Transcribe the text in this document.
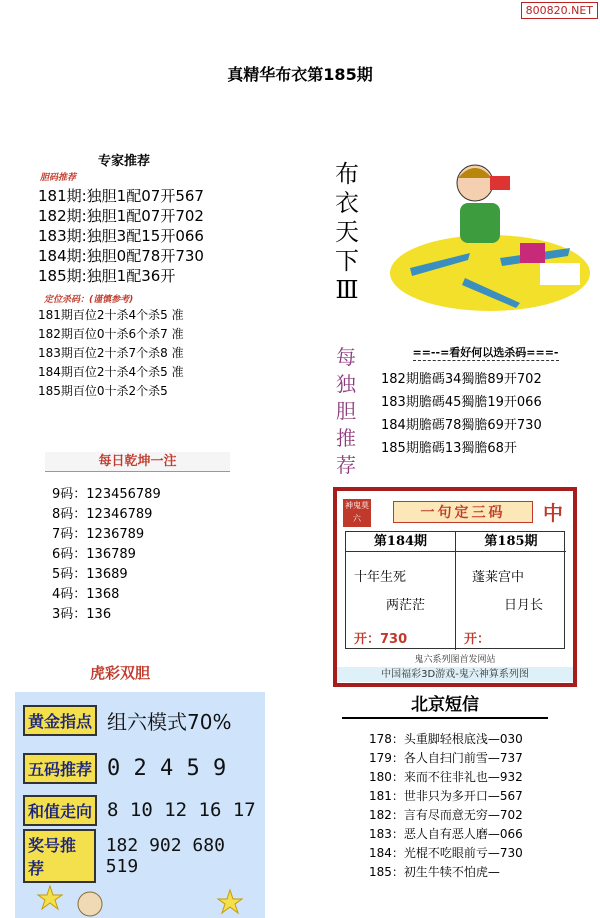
800820.NET
真精华布衣第185期
专家推荐
胆码推荐
181期:独胆1配07开567
182期:独胆1配07开702
183期:独胆3配15开066
184期:独胆0配78开730
185期:独胆1配36开
定位杀码：(谨慎参考)
181期百位2十杀4个杀5 准
182期百位0十杀6个杀7 准
183期百位2十杀7个杀8 准
184期百位2十杀4个杀5 准
185期百位0十杀2个杀5
每日乾坤一注
9码：123456789
8码：12346789
7码：1236789
6码：136789
5码：13689
4码：1368
3码：136
虎彩双胆
黄金指点 组六模式70%
五码推荐 0 2 4 5 9
和值走向 8 10 12 16 17
奖号推荐
182 902 680 519
布
衣
天
下
Ⅲ
每
独
胆
推
荐
==--=看好何以选杀码===-
182期膽碼34獨膽89开702
183期膽碼45獨膽19开066
184期膽碼78獨膽69开730
185期膽碼13獨膽68开
神鬼莫六	一句定三码	中
第184期
十年生死
两茫茫
开：730
第185期
蓬莱宫中
日月长
开：
鬼六系列图首发网站
中国福彩3D游戏-鬼六神算系列图
北京短信
178：头重脚轻根底浅—030
179：各人自扫门前雪—737
180：来而不往非礼也—932
181：世非只为多开口—567
182：言有尽而意无穷—702
183：恶人自有恶人磨—066
184：光棍不吃眼前亏—730
185：初生牛犊不怕虎—
